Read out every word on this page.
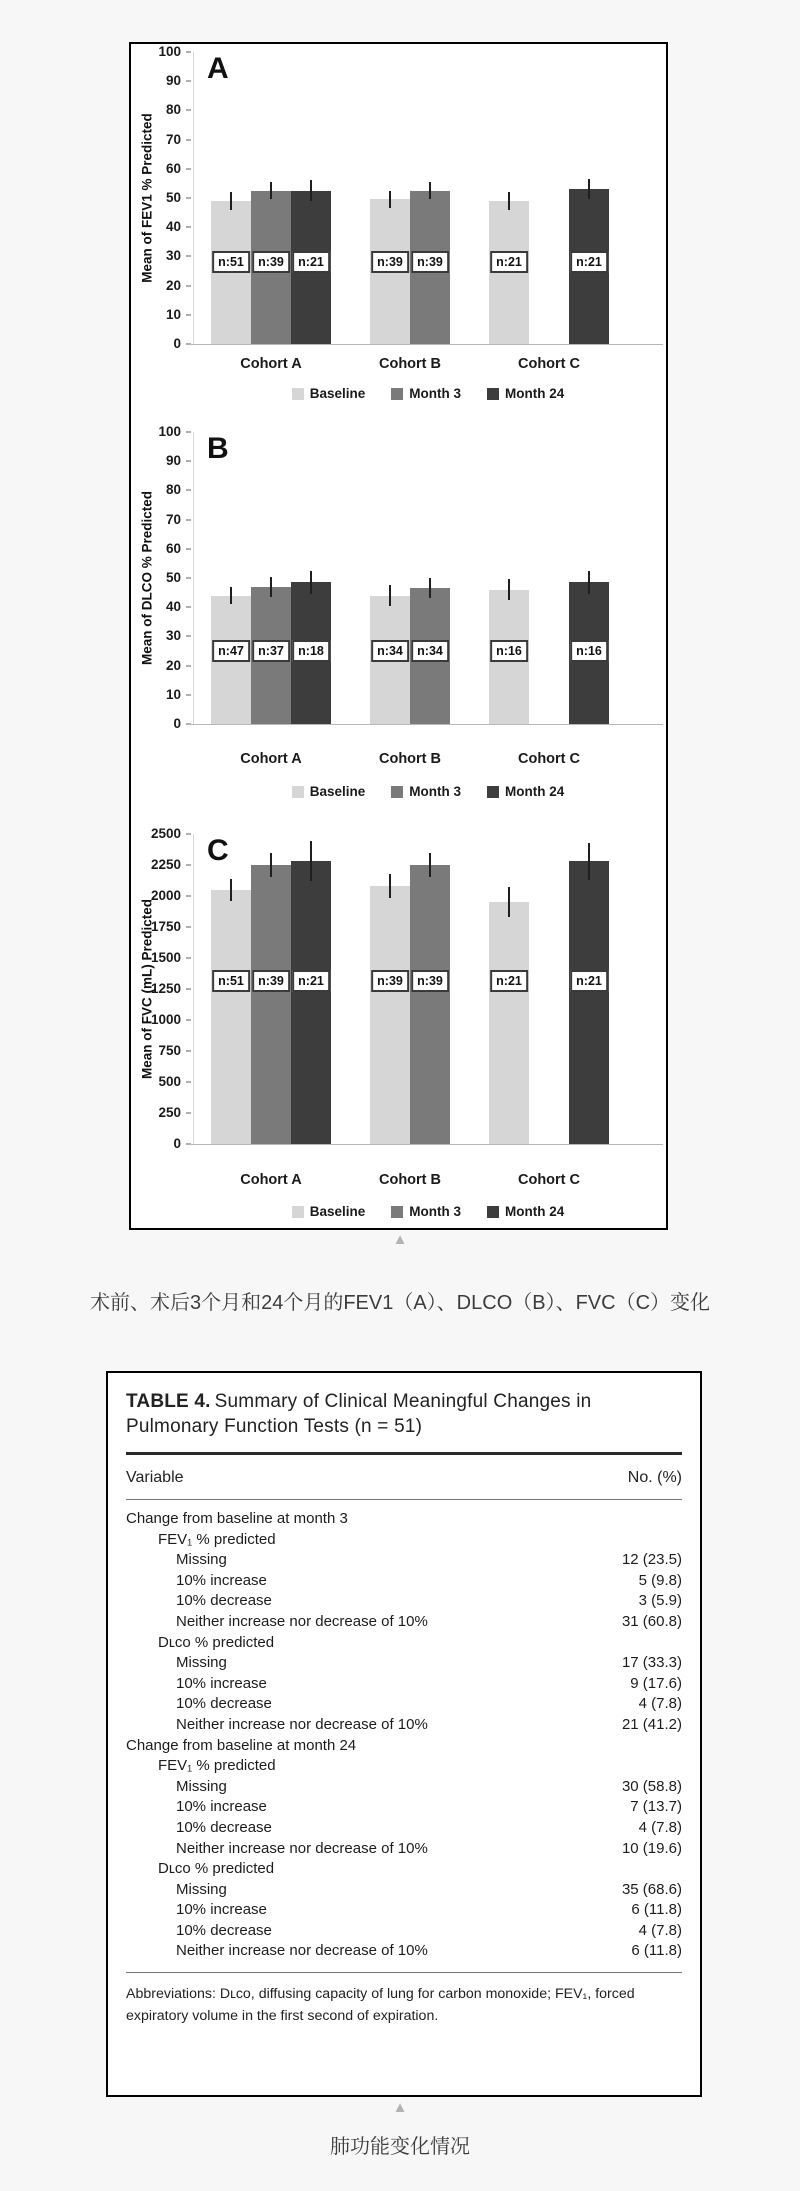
Mean of FEV1 % Predicted
0
10
20
30
40
50
60
70
80
90
100
A
n:51	n:39	n:21	n:39	n:39	n:21	n:21
Cohort A	Cohort B	Cohort C
Baseline	Month 3	Month 24
Mean of DLCO % Predicted
0
10
20
30
40
50
60
70
80
90
100
B
n:47	n:37	n:18	n:34	n:34	n:16	n:16
Cohort A	Cohort B	Cohort C
Baseline	Month 3	Month 24
Mean of FVC (mL) Predicted
0
250
500
750
1000
1250
1500
1750
2000
2250
2500
C
n:51	n:39	n:21	n:39	n:39	n:21	n:21
Cohort A	Cohort B	Cohort C
Baseline	Month 3	Month 24
▲
术前、术后3个月和24个月的FEV1（A）、DLCO（B）、FVC（C）变化
TABLE 4. Summary of Clinical Meaningful Changes in Pulmonary Function Tests (n = 51)
Variable	No. (%)
Change from baseline at month 3
FEV₁ % predicted
Missing	12 (23.5)
10% increase	5 (9.8)
10% decrease	3 (5.9)
Neither increase nor decrease of 10%	31 (60.8)
Dʟᴄᴏ % predicted
Missing	17 (33.3)
10% increase	9 (17.6)
10% decrease	4 (7.8)
Neither increase nor decrease of 10%	21 (41.2)
Change from baseline at month 24
FEV₁ % predicted
Missing	30 (58.8)
10% increase	7 (13.7)
10% decrease	4 (7.8)
Neither increase nor decrease of 10%	10 (19.6)
Dʟᴄᴏ % predicted
Missing	35 (68.6)
10% increase	6 (11.8)
10% decrease	4 (7.8)
Neither increase nor decrease of 10%	6 (11.8)
Abbreviations: Dʟᴄᴏ, diffusing capacity of lung for carbon monoxide; FEV₁, forced expiratory volume in the first second of expiration.
▲
肺功能变化情况
